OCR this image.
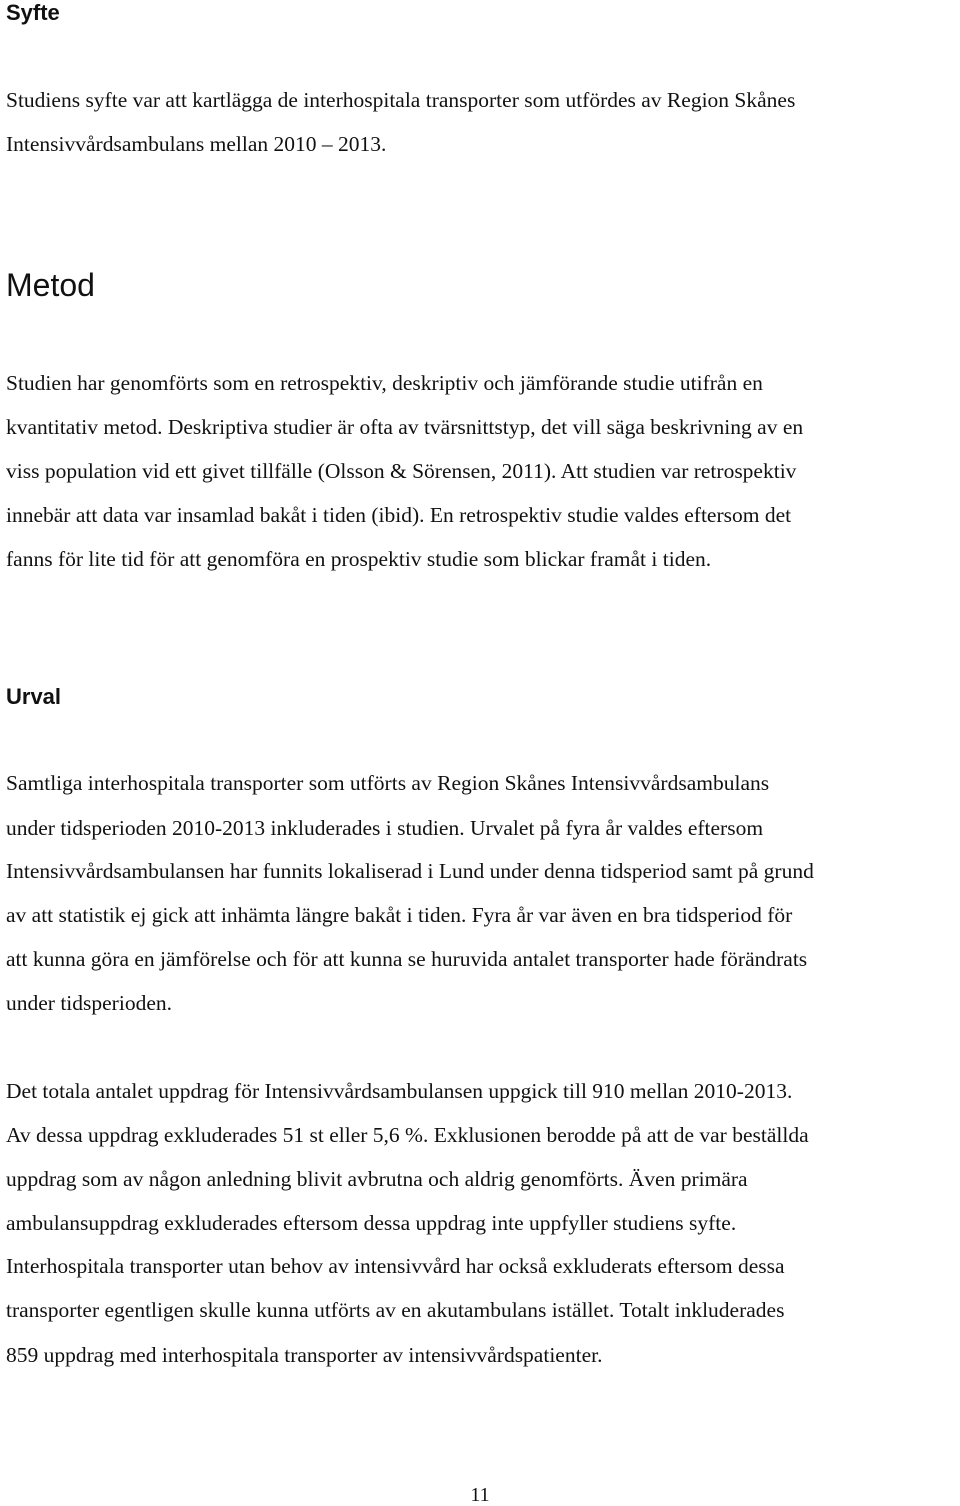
Syfte

Studiens syfte var att kartlägga de interhospitala transporter som utfördes av Region Skånes

Intensivvårdsambulans mellan 2010 – 2013.

Metod

Studien har genomförts som en retrospektiv, deskriptiv och jämförande studie utifrån en

kvantitativ metod. Deskriptiva studier är ofta av tvärsnittstyp, det vill säga beskrivning av en

viss population vid ett givet tillfälle (Olsson & Sörensen, 2011). Att studien var retrospektiv

innebär att data var insamlad bakåt i tiden (ibid). En retrospektiv studie valdes eftersom det

fanns för lite tid för att genomföra en prospektiv studie som blickar framåt i tiden.

Urval

Samtliga interhospitala transporter som utförts av Region Skånes Intensivvårdsambulans

under tidsperioden 2010-2013 inkluderades i studien. Urvalet på fyra år valdes eftersom

Intensivvårdsambulansen har funnits lokaliserad i Lund under denna tidsperiod samt på grund

av att statistik ej gick att inhämta längre bakåt i tiden. Fyra år var även en bra tidsperiod för

att kunna göra en jämförelse och för att kunna se huruvida antalet transporter hade förändrats

under tidsperioden.

Det totala antalet uppdrag för Intensivvårdsambulansen uppgick till 910 mellan 2010-2013.

Av dessa uppdrag exkluderades 51 st eller 5,6 %. Exklusionen berodde på att de var beställda

uppdrag som av någon anledning blivit avbrutna och aldrig genomförts. Även primära

ambulansuppdrag exkluderades eftersom dessa uppdrag inte uppfyller studiens syfte.

Interhospitala transporter utan behov av intensivvård har också exkluderats eftersom dessa

transporter egentligen skulle kunna utförts av en akutambulans istället. Totalt inkluderades

859 uppdrag med interhospitala transporter av intensivvårdspatienter.

11
